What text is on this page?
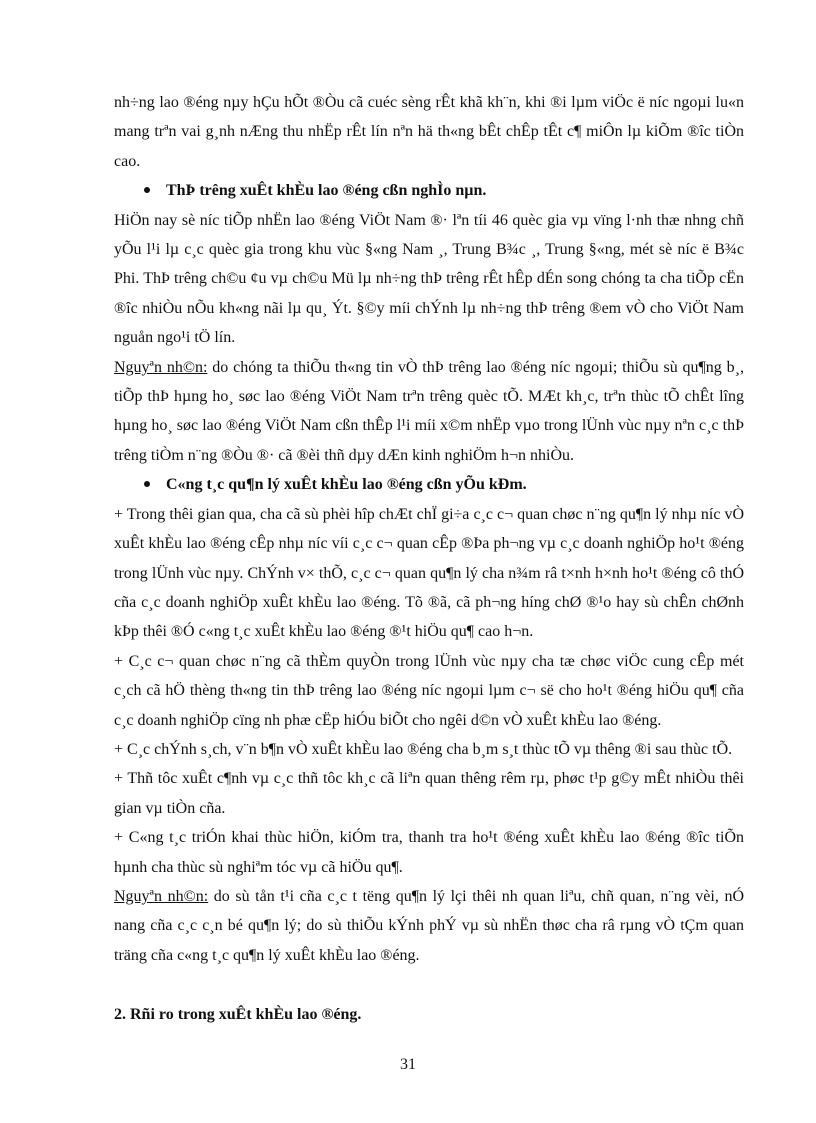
nh÷ng lao ®éng nµy hÇu hÕt ®Òu cã cuéc sèng rÊt khã kh¨n, khi ®i lµm viÖc ë níc ngoµi lu«n mang trªn vai g¸nh nÆng thu nhËp rÊt lín nªn hä th«ng bÊt chÊp tÊt c¶ miÔn lµ kiÕm ®îc tiÒn cao.

ThÞ trêng xuÊt khÈu lao ®éng cßn nghÌo nµn.

HiÖn nay sè níc tiÕp nhËn lao ®éng ViÖt Nam ®· lªn tíi 46 quèc gia vµ vïng l·nh thæ nhng chñ yÕu l¹i lµ c¸c quèc gia trong khu vùc §«ng Nam ¸, Trung B¾c ¸, Trung §«ng, mét sè níc ë B¾c Phi. ThÞ trêng ch©u ¢u vµ ch©u Mü lµ nh÷ng thÞ trêng rÊt hÊp dÉn song chóng ta cha tiÕp cËn ®îc nhiÒu nÕu kh«ng nãi lµ qu¸ Ýt. §©y míi chÝnh lµ nh÷ng thÞ trêng ®em vÒ cho ViÖt Nam nguån ngo¹i tÖ lín.

Nguyªn nh©n: do chóng ta thiÕu th«ng tin vÒ thÞ trêng lao ®éng níc ngoµi; thiÕu sù qu¶ng b¸, tiÕp thÞ hµng ho¸ søc lao ®éng ViÖt Nam trªn trêng quèc tÕ. MÆt kh¸c, trªn thùc tÕ chÊt lîng hµng ho¸ søc lao ®éng ViÖt Nam cßn thÊp l¹i míi x©m nhËp vµo trong lÜnh vùc nµy nªn c¸c thÞ trêng tiÒm n¨ng ®Òu ®· cã ®èi thñ dµy dÆn kinh nghiÖm h¬n nhiÒu.

C«ng t¸c qu¶n lý xuÊt khÈu lao ®éng cßn yÕu kÐm.

+ Trong thêi gian qua, cha cã sù phèi hîp chÆt chÏ gi÷a c¸c c¬ quan chøc n¨ng qu¶n lý nhµ níc vÒ xuÊt khÈu lao ®éng cÊp nhµ níc víi c¸c c¬ quan cÊp ®Þa ph¬ng vµ c¸c doanh nghiÖp ho¹t ®éng trong lÜnh vùc nµy. ChÝnh v× thÕ, c¸c c¬ quan qu¶n lý cha n¾m râ t×nh h×nh ho¹t ®éng cô thÓ cña c¸c doanh nghiÖp xuÊt khÈu lao ®éng. Tõ ®ã, cã ph¬ng híng chØ ®¹o hay sù chÊn chØnh kÞp thêi ®Ó c«ng t¸c xuÊt khÈu lao ®éng ®¹t hiÖu qu¶ cao h¬n.

+ C¸c c¬ quan chøc n¨ng cã thÈm quyÒn trong lÜnh vùc nµy cha tæ chøc viÖc cung cÊp mét c¸ch cã hÖ thèng th«ng tin thÞ trêng lao ®éng níc ngoµi lµm c¬ së cho ho¹t ®éng hiÖu qu¶ cña c¸c doanh nghiÖp cïng nh phæ cËp hiÓu biÕt cho ngêi d©n vÒ xuÊt khÈu lao ®éng.

+ C¸c chÝnh s¸ch, v¨n b¶n vÒ xuÊt khÈu lao ®éng cha b¸m s¸t thùc tÕ vµ thêng ®i sau thùc tÕ.

+ Thñ tôc xuÊt c¶nh vµ c¸c thñ tôc kh¸c cã liªn quan thêng rêm rµ, phøc t¹p g©y mÊt nhiÒu thêi gian vµ tiÒn cña.

+ C«ng t¸c triÓn khai thùc hiÖn, kiÓm tra, thanh tra ho¹t ®éng xuÊt khÈu lao ®éng ®îc tiÕn hµnh cha thùc sù nghiªm tóc vµ cã hiÖu qu¶.

Nguyªn nh©n: do sù tån t¹i cña c¸c t tëng qu¶n lý lçi thêi nh quan liªu, chñ quan, n¨ng vèi, nÓ nang cña c¸c c¸n bé qu¶n lý; do sù thiÕu kÝnh phÝ vµ sù nhËn thøc cha râ rµng vÒ tÇm quan träng cña c«ng t¸c qu¶n lý xuÊt khÈu lao ®éng.

2. Rñi ro trong xuÊt khÈu lao ®éng.

31
